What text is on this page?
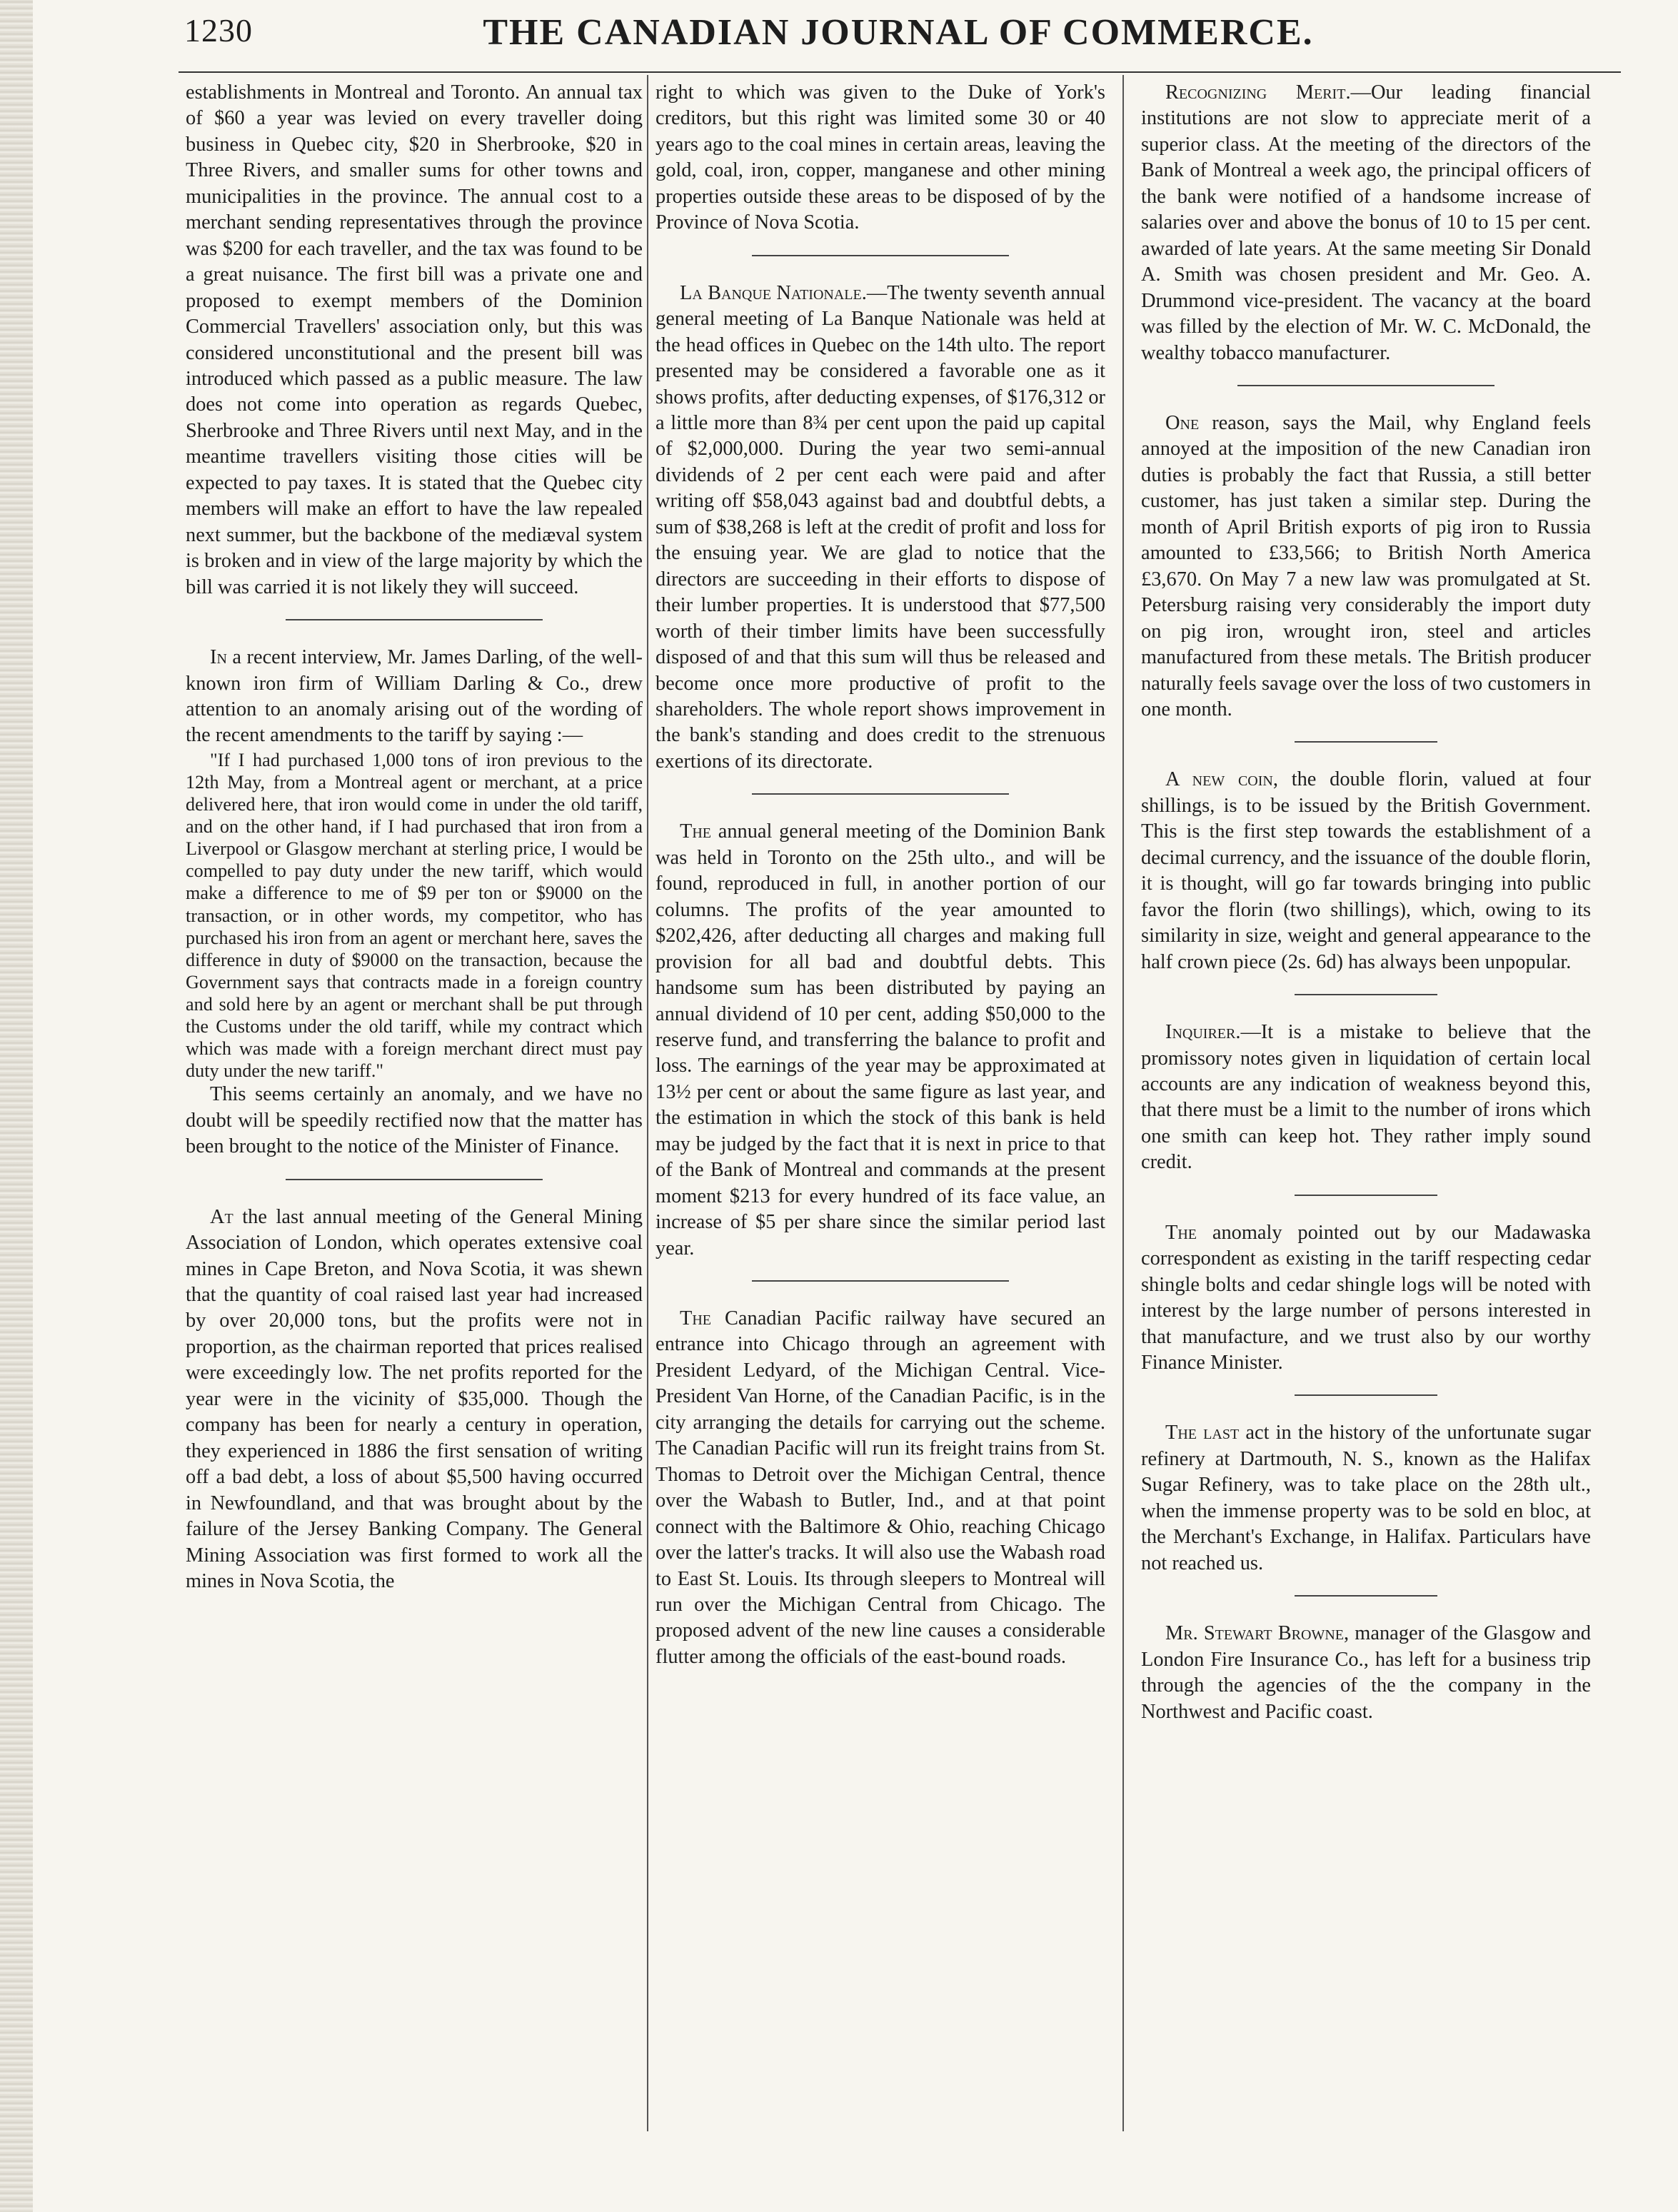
1230	THE CANADIAN JOURNAL OF COMMERCE.

establishments in Montreal and Toronto. An annual tax of $60 a year was levied on every traveller doing business in Quebec city, $20 in Sherbrooke, $20 in Three Rivers, and smaller sums for other towns and municipalities in the province. The annual cost to a merchant sending representatives through the province was $200 for each traveller, and the tax was found to be a great nuisance. The first bill was a private one and proposed to exempt members of the Dominion Commercial Travellers' association only, but this was considered unconstitutional and the present bill was introduced which passed as a public measure. The law does not come into operation as regards Quebec, Sherbrooke and Three Rivers until next May, and in the meantime travellers visiting those cities will be expected to pay taxes. It is stated that the Quebec city members will make an effort to have the law repealed next summer, but the backbone of the mediæval system is broken and in view of the large majority by which the bill was carried it is not likely they will succeed.

In a recent interview, Mr. James Darling, of the well-known iron firm of William Darling & Co., drew attention to an anomaly arising out of the wording of the recent amendments to the tariff by saying :—

"If I had purchased 1,000 tons of iron previous to the 12th May, from a Montreal agent or merchant, at a price delivered here, that iron would come in under the old tariff, and on the other hand, if I had purchased that iron from a Liverpool or Glasgow merchant at sterling price, I would be compelled to pay duty under the new tariff, which would make a difference to me of $9 per ton or $9000 on the transaction, or in other words, my competitor, who has purchased his iron from an agent or merchant here, saves the difference in duty of $9000 on the transaction, because the Government says that contracts made in a foreign country and sold here by an agent or merchant shall be put through the Customs under the old tariff, while my contract which which was made with a foreign merchant direct must pay duty under the new tariff."

This seems certainly an anomaly, and we have no doubt will be speedily rectified now that the matter has been brought to the notice of the Minister of Finance.

At the last annual meeting of the General Mining Association of London, which operates extensive coal mines in Cape Breton, and Nova Scotia, it was shewn that the quantity of coal raised last year had increased by over 20,000 tons, but the profits were not in proportion, as the chairman reported that prices realised were exceedingly low. The net profits reported for the year were in the vicinity of $35,000. Though the company has been for nearly a century in operation, they experienced in 1886 the first sensation of writing off a bad debt, a loss of about $5,500 having occurred in Newfoundland, and that was brought about by the failure of the Jersey Banking Company. The General Mining Association was first formed to work all the mines in Nova Scotia, the

right to which was given to the Duke of York's creditors, but this right was limited some 30 or 40 years ago to the coal mines in certain areas, leaving the gold, coal, iron, copper, manganese and other mining properties outside these areas to be disposed of by the Province of Nova Scotia.

La Banque Nationale.—The twenty seventh annual general meeting of La Banque Nationale was held at the head offices in Quebec on the 14th ulto. The report presented may be considered a favorable one as it shows profits, after deducting expenses, of $176,312 or a little more than 8¾ per cent upon the paid up capital of $2,000,000. During the year two semi-annual dividends of 2 per cent each were paid and after writing off $58,043 against bad and doubtful debts, a sum of $38,268 is left at the credit of profit and loss for the ensuing year. We are glad to notice that the directors are succeeding in their efforts to dispose of their lumber properties. It is understood that $77,500 worth of their timber limits have been successfully disposed of and that this sum will thus be released and become once more productive of profit to the shareholders. The whole report shows improvement in the bank's standing and does credit to the strenuous exertions of its directorate.

The annual general meeting of the Dominion Bank was held in Toronto on the 25th ulto., and will be found, reproduced in full, in another portion of our columns. The profits of the year amounted to $202,426, after deducting all charges and making full provision for all bad and doubtful debts. This handsome sum has been distributed by paying an annual dividend of 10 per cent, adding $50,000 to the reserve fund, and transferring the balance to profit and loss. The earnings of the year may be approximated at 13½ per cent or about the same figure as last year, and the estimation in which the stock of this bank is held may be judged by the fact that it is next in price to that of the Bank of Montreal and commands at the present moment $213 for every hundred of its face value, an increase of $5 per share since the similar period last year.

The Canadian Pacific railway have secured an entrance into Chicago through an agreement with President Ledyard, of the Michigan Central. Vice-President Van Horne, of the Canadian Pacific, is in the city arranging the details for carrying out the scheme. The Canadian Pacific will run its freight trains from St. Thomas to Detroit over the Michigan Central, thence over the Wabash to Butler, Ind., and at that point connect with the Baltimore & Ohio, reaching Chicago over the latter's tracks. It will also use the Wabash road to East St. Louis. Its through sleepers to Montreal will run over the Michigan Central from Chicago. The proposed advent of the new line causes a considerable flutter among the officials of the east-bound roads.

Recognizing Merit.—Our leading financial institutions are not slow to appreciate merit of a superior class. At the meeting of the directors of the Bank of Montreal a week ago, the principal officers of the bank were notified of a handsome increase of salaries over and above the bonus of 10 to 15 per cent. awarded of late years. At the same meeting Sir Donald A. Smith was chosen president and Mr. Geo. A. Drummond vice-president. The vacancy at the board was filled by the election of Mr. W. C. McDonald, the wealthy tobacco manufacturer.

One reason, says the Mail, why England feels annoyed at the imposition of the new Canadian iron duties is probably the fact that Russia, a still better customer, has just taken a similar step. During the month of April British exports of pig iron to Russia amounted to £33,566; to British North America £3,670. On May 7 a new law was promulgated at St. Petersburg raising very considerably the import duty on pig iron, wrought iron, steel and articles manufactured from these metals. The British producer naturally feels savage over the loss of two customers in one month.

A new coin, the double florin, valued at four shillings, is to be issued by the British Government. This is the first step towards the establishment of a decimal currency, and the issuance of the double florin, it is thought, will go far towards bringing into public favor the florin (two shillings), which, owing to its similarity in size, weight and general appearance to the half crown piece (2s. 6d) has always been unpopular.

Inquirer.—It is a mistake to believe that the promissory notes given in liquidation of certain local accounts are any indication of weakness beyond this, that there must be a limit to the number of irons which one smith can keep hot. They rather imply sound credit.

The anomaly pointed out by our Madawaska correspondent as existing in the tariff respecting cedar shingle bolts and cedar shingle logs will be noted with interest by the large number of persons interested in that manufacture, and we trust also by our worthy Finance Minister.

The last act in the history of the unfortunate sugar refinery at Dartmouth, N. S., known as the Halifax Sugar Refinery, was to take place on the 28th ult., when the immense property was to be sold en bloc, at the Merchant's Exchange, in Halifax. Particulars have not reached us.

Mr. Stewart Browne, manager of the Glasgow and London Fire Insurance Co., has left for a business trip through the agencies of the the company in the Northwest and Pacific coast.
